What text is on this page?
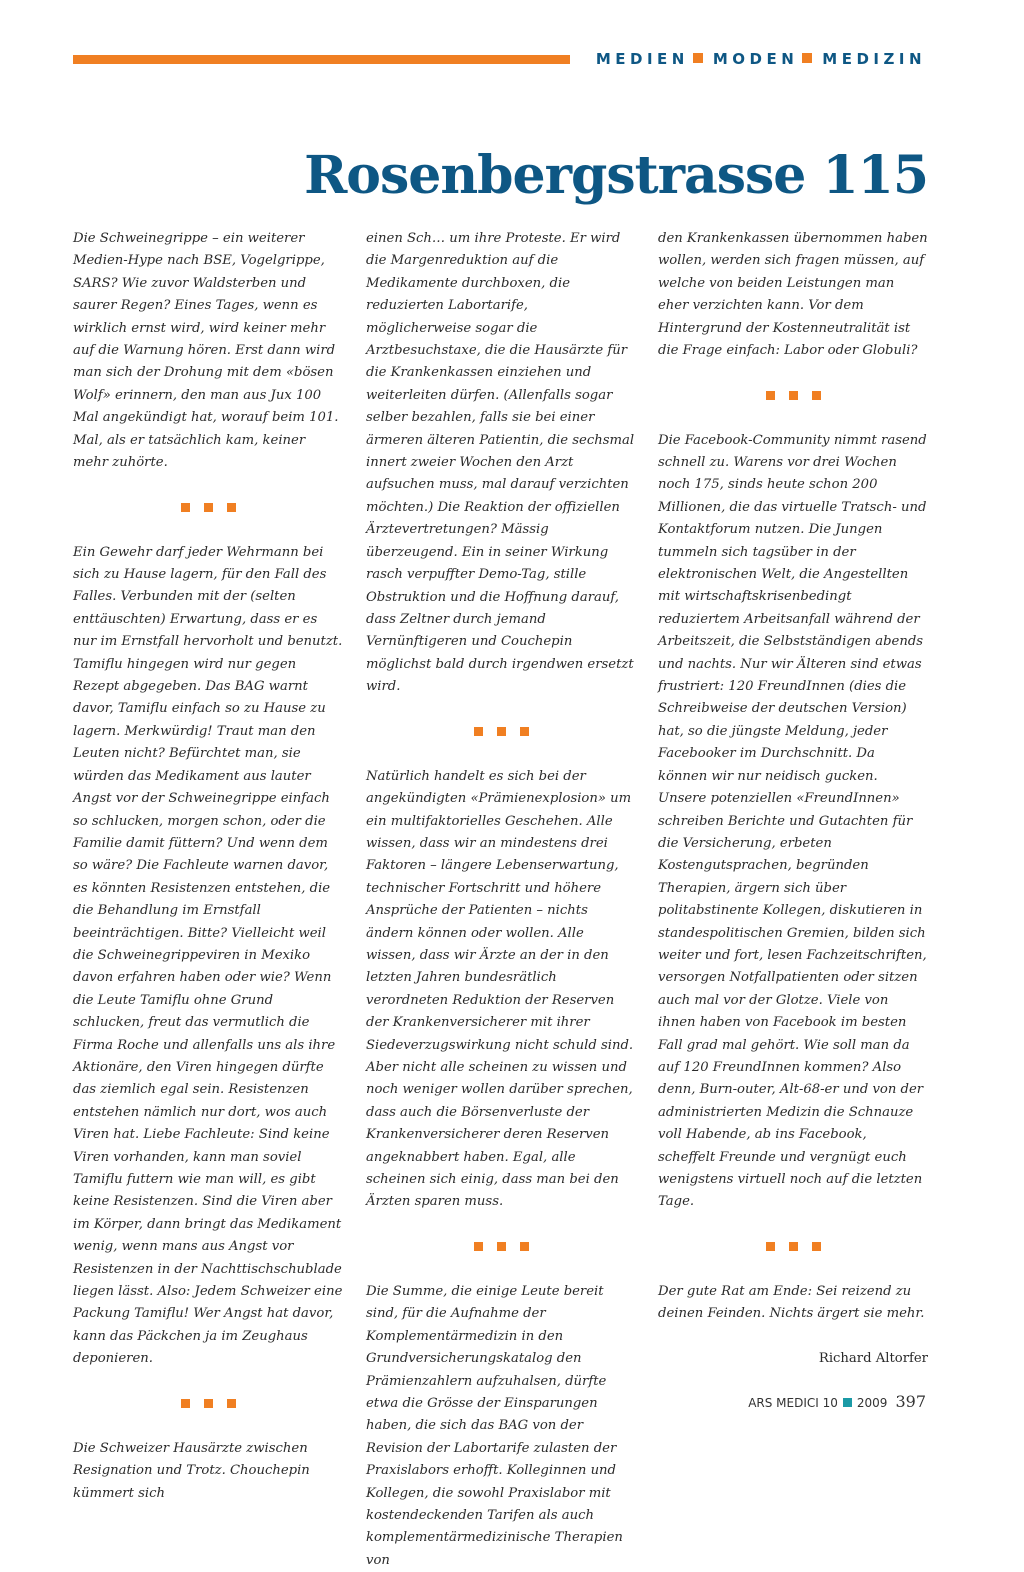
MEDIEN MODEN MEDIZIN
Rosenbergstrasse 115

Die Schweinegrippe – ein weiterer Medien-Hype nach BSE, Vogelgrippe, SARS? Wie zuvor Waldsterben und saurer Regen? Eines Tages, wenn es wirklich ernst wird, wird keiner mehr auf die Warnung hören. Erst dann wird man sich der Drohung mit dem «bösen Wolf» erinnern, den man aus Jux 100 Mal angekündigt hat, worauf beim 101. Mal, als er tatsächlich kam, keiner mehr zuhörte.

Ein Gewehr darf jeder Wehrmann bei sich zu Hause lagern, für den Fall des Falles. Verbunden mit der (selten enttäuschten) Erwartung, dass er es nur im Ernstfall hervorholt und benutzt. Tamiflu hingegen wird nur gegen Rezept abgegeben. Das BAG warnt davor, Tamiflu einfach so zu Hause zu lagern. Merkwürdig! Traut man den Leuten nicht? Befürchtet man, sie würden das Medikament aus lauter Angst vor der Schweinegrippe einfach so schlucken, morgen schon, oder die Familie damit füttern? Und wenn dem so wäre? Die Fachleute warnen davor, es könnten Resistenzen entstehen, die die Behandlung im Ernstfall beeinträchtigen. Bitte? Vielleicht weil die Schweinegrippeviren in Mexiko davon erfahren haben oder wie? Wenn die Leute Tamiflu ohne Grund schlucken, freut das vermutlich die Firma Roche und allenfalls uns als ihre Aktionäre, den Viren hingegen dürfte das ziemlich egal sein. Resistenzen entstehen nämlich nur dort, wos auch Viren hat. Liebe Fachleute: Sind keine Viren vorhanden, kann man soviel Tamiflu futtern wie man will, es gibt keine Resistenzen. Sind die Viren aber im Körper, dann bringt das Medikament wenig, wenn mans aus Angst vor Resistenzen in der Nachttischschublade liegen lässt. Also: Jedem Schweizer eine Packung Tamiflu! Wer Angst hat davor, kann das Päckchen ja im Zeughaus deponieren.

Die Schweizer Hausärzte zwischen Resignation und Trotz. Chouchepin kümmert sich

einen Sch… um ihre Proteste. Er wird die Margenreduktion auf die Medikamente durchboxen, die reduzierten Labortarife, möglicherweise sogar die Arztbesuchstaxe, die die Hausärzte für die Krankenkassen einziehen und weiterleiten dürfen. (Allenfalls sogar selber bezahlen, falls sie bei einer ärmeren älteren Patientin, die sechsmal innert zweier Wochen den Arzt aufsuchen muss, mal darauf verzichten möchten.) Die Reaktion der offiziellen Ärztevertretungen? Mässig überzeugend. Ein in seiner Wirkung rasch verpuffter Demo-Tag, stille Obstruktion und die Hoffnung darauf, dass Zeltner durch jemand Vernünftigeren und Couchepin möglichst bald durch irgendwen ersetzt wird.

Natürlich handelt es sich bei der angekündigten «Prämienexplosion» um ein multifaktorielles Geschehen. Alle wissen, dass wir an mindestens drei Faktoren – längere Lebenserwartung, technischer Fortschritt und höhere Ansprüche der Patienten – nichts ändern können oder wollen. Alle wissen, dass wir Ärzte an der in den letzten Jahren bundesrätlich verordneten Reduktion der Reserven der Krankenversicherer mit ihrer Siedeverzugswirkung nicht schuld sind. Aber nicht alle scheinen zu wissen und noch weniger wollen darüber sprechen, dass auch die Börsenverluste der Krankenversicherer deren Reserven angeknabbert haben. Egal, alle scheinen sich einig, dass man bei den Ärzten sparen muss.

Die Summe, die einige Leute bereit sind, für die Aufnahme der Komplementärmedizin in den Grundversicherungskatalog den Prämienzahlern aufzuhalsen, dürfte etwa die Grösse der Einsparungen haben, die sich das BAG von der Revision der Labortarife zulasten der Praxislabors erhofft. Kolleginnen und Kollegen, die sowohl Praxislabor mit kostendeckenden Tarifen als auch komplementärmedizinische Therapien von

den Krankenkassen übernommen haben wollen, werden sich fragen müssen, auf welche von beiden Leistungen man eher verzichten kann. Vor dem Hintergrund der Kostenneutralität ist die Frage einfach: Labor oder Globuli?

Die Facebook-Community nimmt rasend schnell zu. Warens vor drei Wochen noch 175, sinds heute schon 200 Millionen, die das virtuelle Tratsch- und Kontaktforum nutzen. Die Jungen tummeln sich tagsüber in der elektronischen Welt, die Angestellten mit wirtschaftskrisenbedingt reduziertem Arbeitsanfall während der Arbeitszeit, die Selbstständigen abends und nachts. Nur wir Älteren sind etwas frustriert: 120 FreundInnen (dies die Schreibweise der deutschen Version) hat, so die jüngste Meldung, jeder Facebooker im Durchschnitt. Da können wir nur neidisch gucken. Unsere potenziellen «FreundInnen» schreiben Berichte und Gutachten für die Versicherung, erbeten Kostengutsprachen, begründen Therapien, ärgern sich über politabstinente Kollegen, diskutieren in standespolitischen Gremien, bilden sich weiter und fort, lesen Fachzeitschriften, versorgen Notfallpatienten oder sitzen auch mal vor der Glotze. Viele von ihnen haben von Facebook im besten Fall grad mal gehört. Wie soll man da auf 120 FreundInnen kommen? Also denn, Burn-outer, Alt-68-er und von der administrierten Medizin die Schnauze voll Habende, ab ins Facebook, scheffelt Freunde und vergnügt euch wenigstens virtuell noch auf die letzten Tage.

Der gute Rat am Ende: Sei reizend zu deinen Feinden. Nichts ärgert sie mehr.

Richard Altorfer

ARS MEDICI 10 2009 397
